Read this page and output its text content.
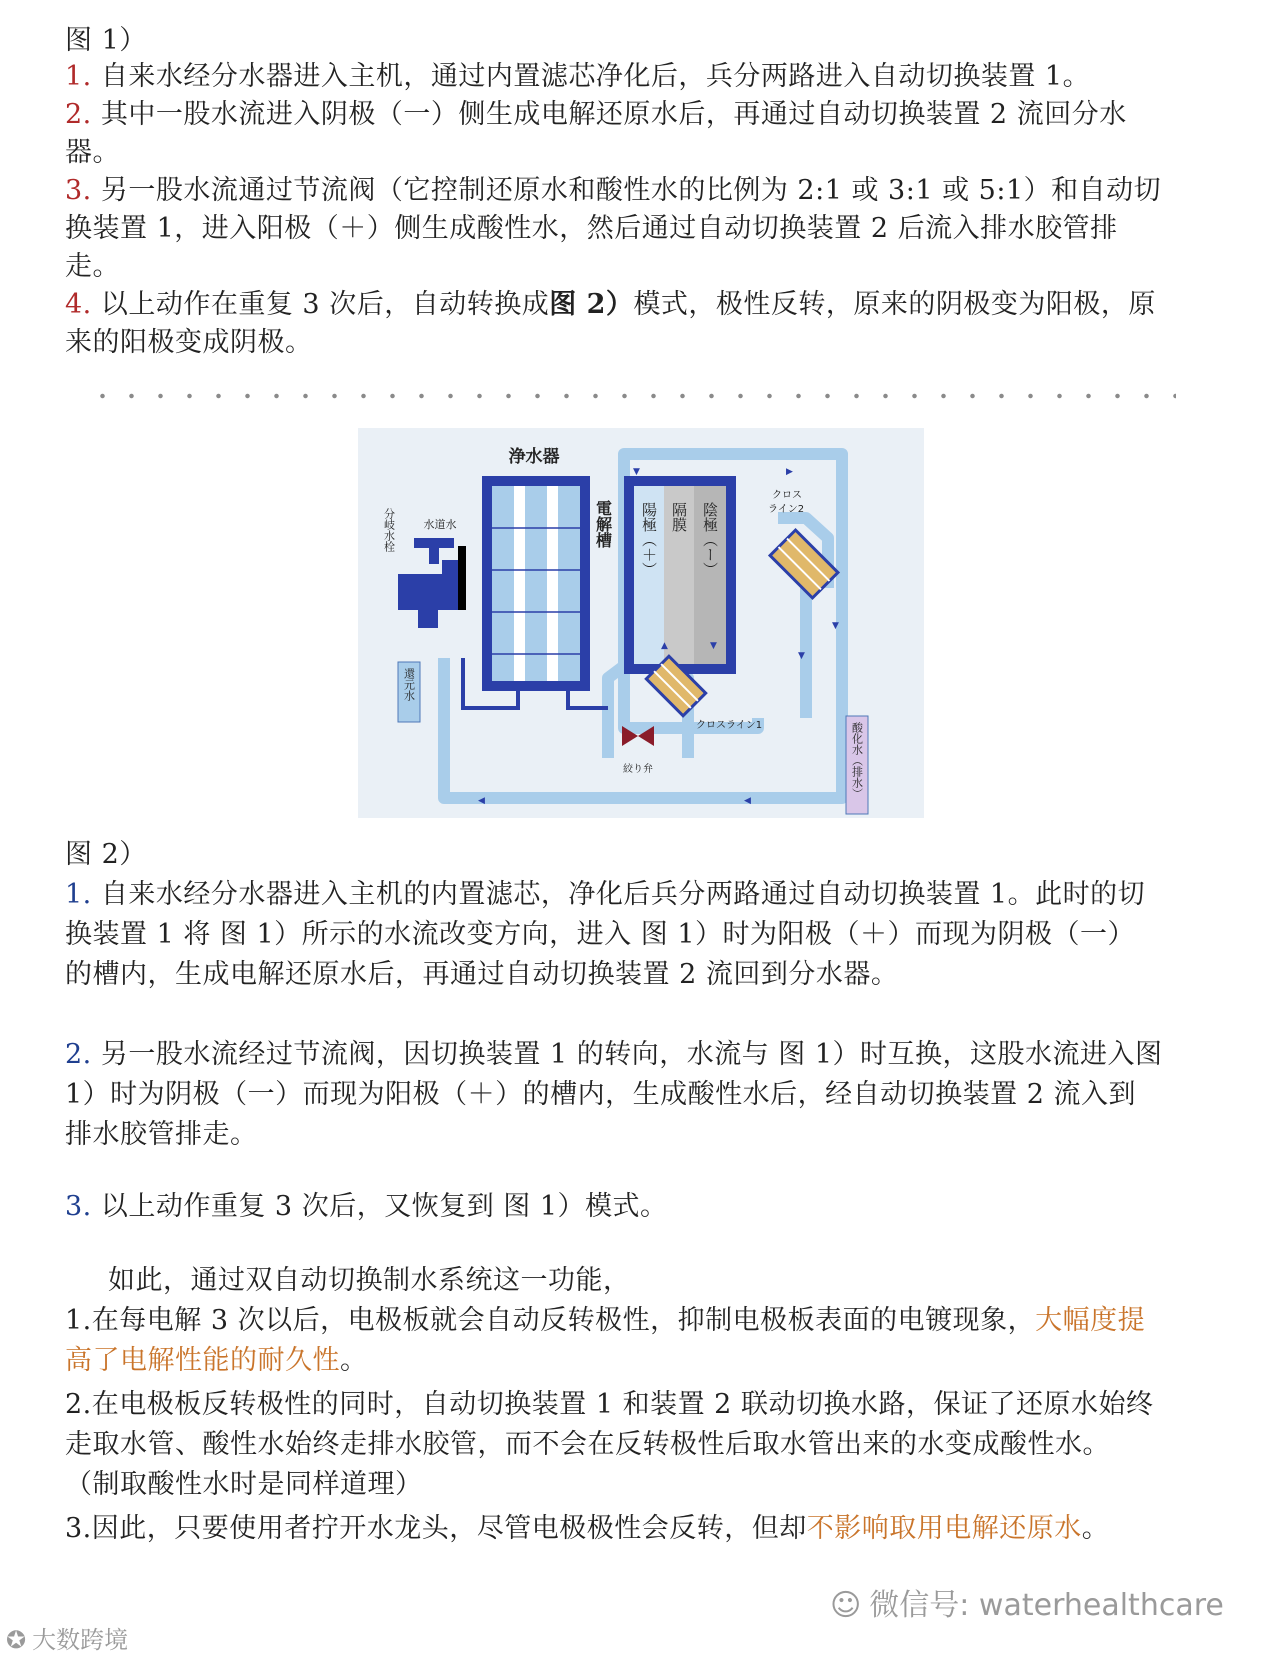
图 1）
1. 自来水经分水器进入主机，通过内置滤芯净化后，兵分两路进入自动切换装置 1。
2. 其中一股水流进入阴极（一）侧生成电解还原水后，再通过自动切换装置 2 流回分水
器。
3. 另一股水流通过节流阀（它控制还原水和酸性水的比例为 2:1 或 3:1 或 5:1）和自动切
换装置 1，进入阳极（＋）侧生成酸性水，然后通过自动切换装置 2 后流入排水胶管排
走。
4. 以上动作在重复 3 次后，自动转换成图 2）模式，极性反转，原来的阴极变为阳极，原
来的阳极变成阴极。
▼	▶
▼
◀
◀
▲	▼
▼
浄水器
水道水
分岐水栓	電解槽 陽極（＋） 隔膜 陰極（ー）
クロス
ライン2
クロスライン1
絞り弁
還元水
酸化水（排水）
图 2）
1. 自来水经分水器进入主机的内置滤芯，净化后兵分两路通过自动切换装置 1。此时的切
换装置 1 将 图 1）所示的水流改变方向，进入 图 1）时为阳极（＋）而现为阴极（一）
的槽内，生成电解还原水后，再通过自动切换装置 2 流回到分水器。
2. 另一股水流经过节流阀，因切换装置 1 的转向，水流与 图 1）时互换，这股水流进入图
1）时为阴极（一）而现为阳极（＋）的槽内，生成酸性水后，经自动切换装置 2 流入到
排水胶管排走。
3. 以上动作重复 3 次后，又恢复到 图 1）模式。
如此，通过双自动切换制水系统这一功能，
1.在每电解 3 次以后，电极板就会自动反转极性，抑制电极板表面的电镀现象，大幅度提
高了电解性能的耐久性。
2.在电极板反转极性的同时，自动切换装置 1 和装置 2 联动切换水路，保证了还原水始终
走取水管、酸性水始终走排水胶管，而不会在反转极性后取水管出来的水变成酸性水。
（制取酸性水时是同样道理）
3.因此，只要使用者拧开水龙头，尽管电极极性会反转，但却不影响取用电解还原水。
☺ 微信号: waterhealthcare
✪ 大数跨境
